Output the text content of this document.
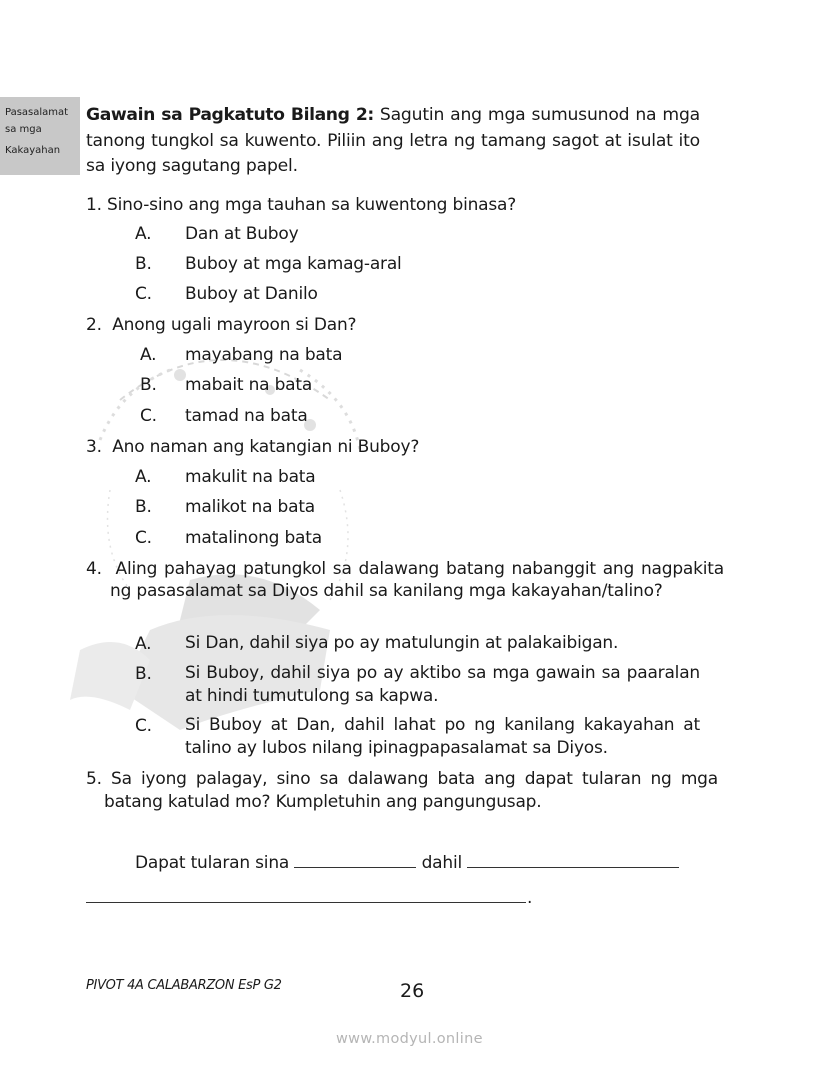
Pasasalamat
sa mga
Kakayahan
Gawain sa Pagkatuto Bilang 2: Sagutin ang mga sumusunod na mga tanong tungkol sa kuwento. Piliin ang letra ng tamang sagot at isulat ito sa iyong sagutang papel.
1. Sino-sino ang mga tauhan sa kuwentong binasa?
A. Dan at Buboy
B. Buboy at mga kamag-aral
C. Buboy at Danilo
2. Anong ugali mayroon si Dan?
A. mayabang na bata
B. mabait na bata
C. tamad na bata
3. Ano naman ang katangian ni Buboy?
A. makulit na bata
B. malikot na bata
C. matalinong bata
4. Aling pahayag patungkol sa dalawang batang nabanggit ang nagpakita ng pasasalamat sa Diyos dahil sa kanilang mga kakayahan/talino?
A. Si Dan, dahil siya po ay matulungin at palakaibigan.
B. Si Buboy, dahil siya po ay aktibo sa mga gawain sa paaralan at hindi tumutulong sa kapwa.
C. Si Buboy at Dan, dahil lahat po ng kanilang kakayahan at talino ay lubos nilang ipinagpapasalamat sa Diyos.
5. Sa iyong palagay, sino sa dalawang bata ang dapat tularan ng mga batang katulad mo? Kumpletuhin ang pangungusap.
Dapat tularan sina	dahil
.
PIVOT 4A CALABARZON EsP G2	26
www.modyul.online
